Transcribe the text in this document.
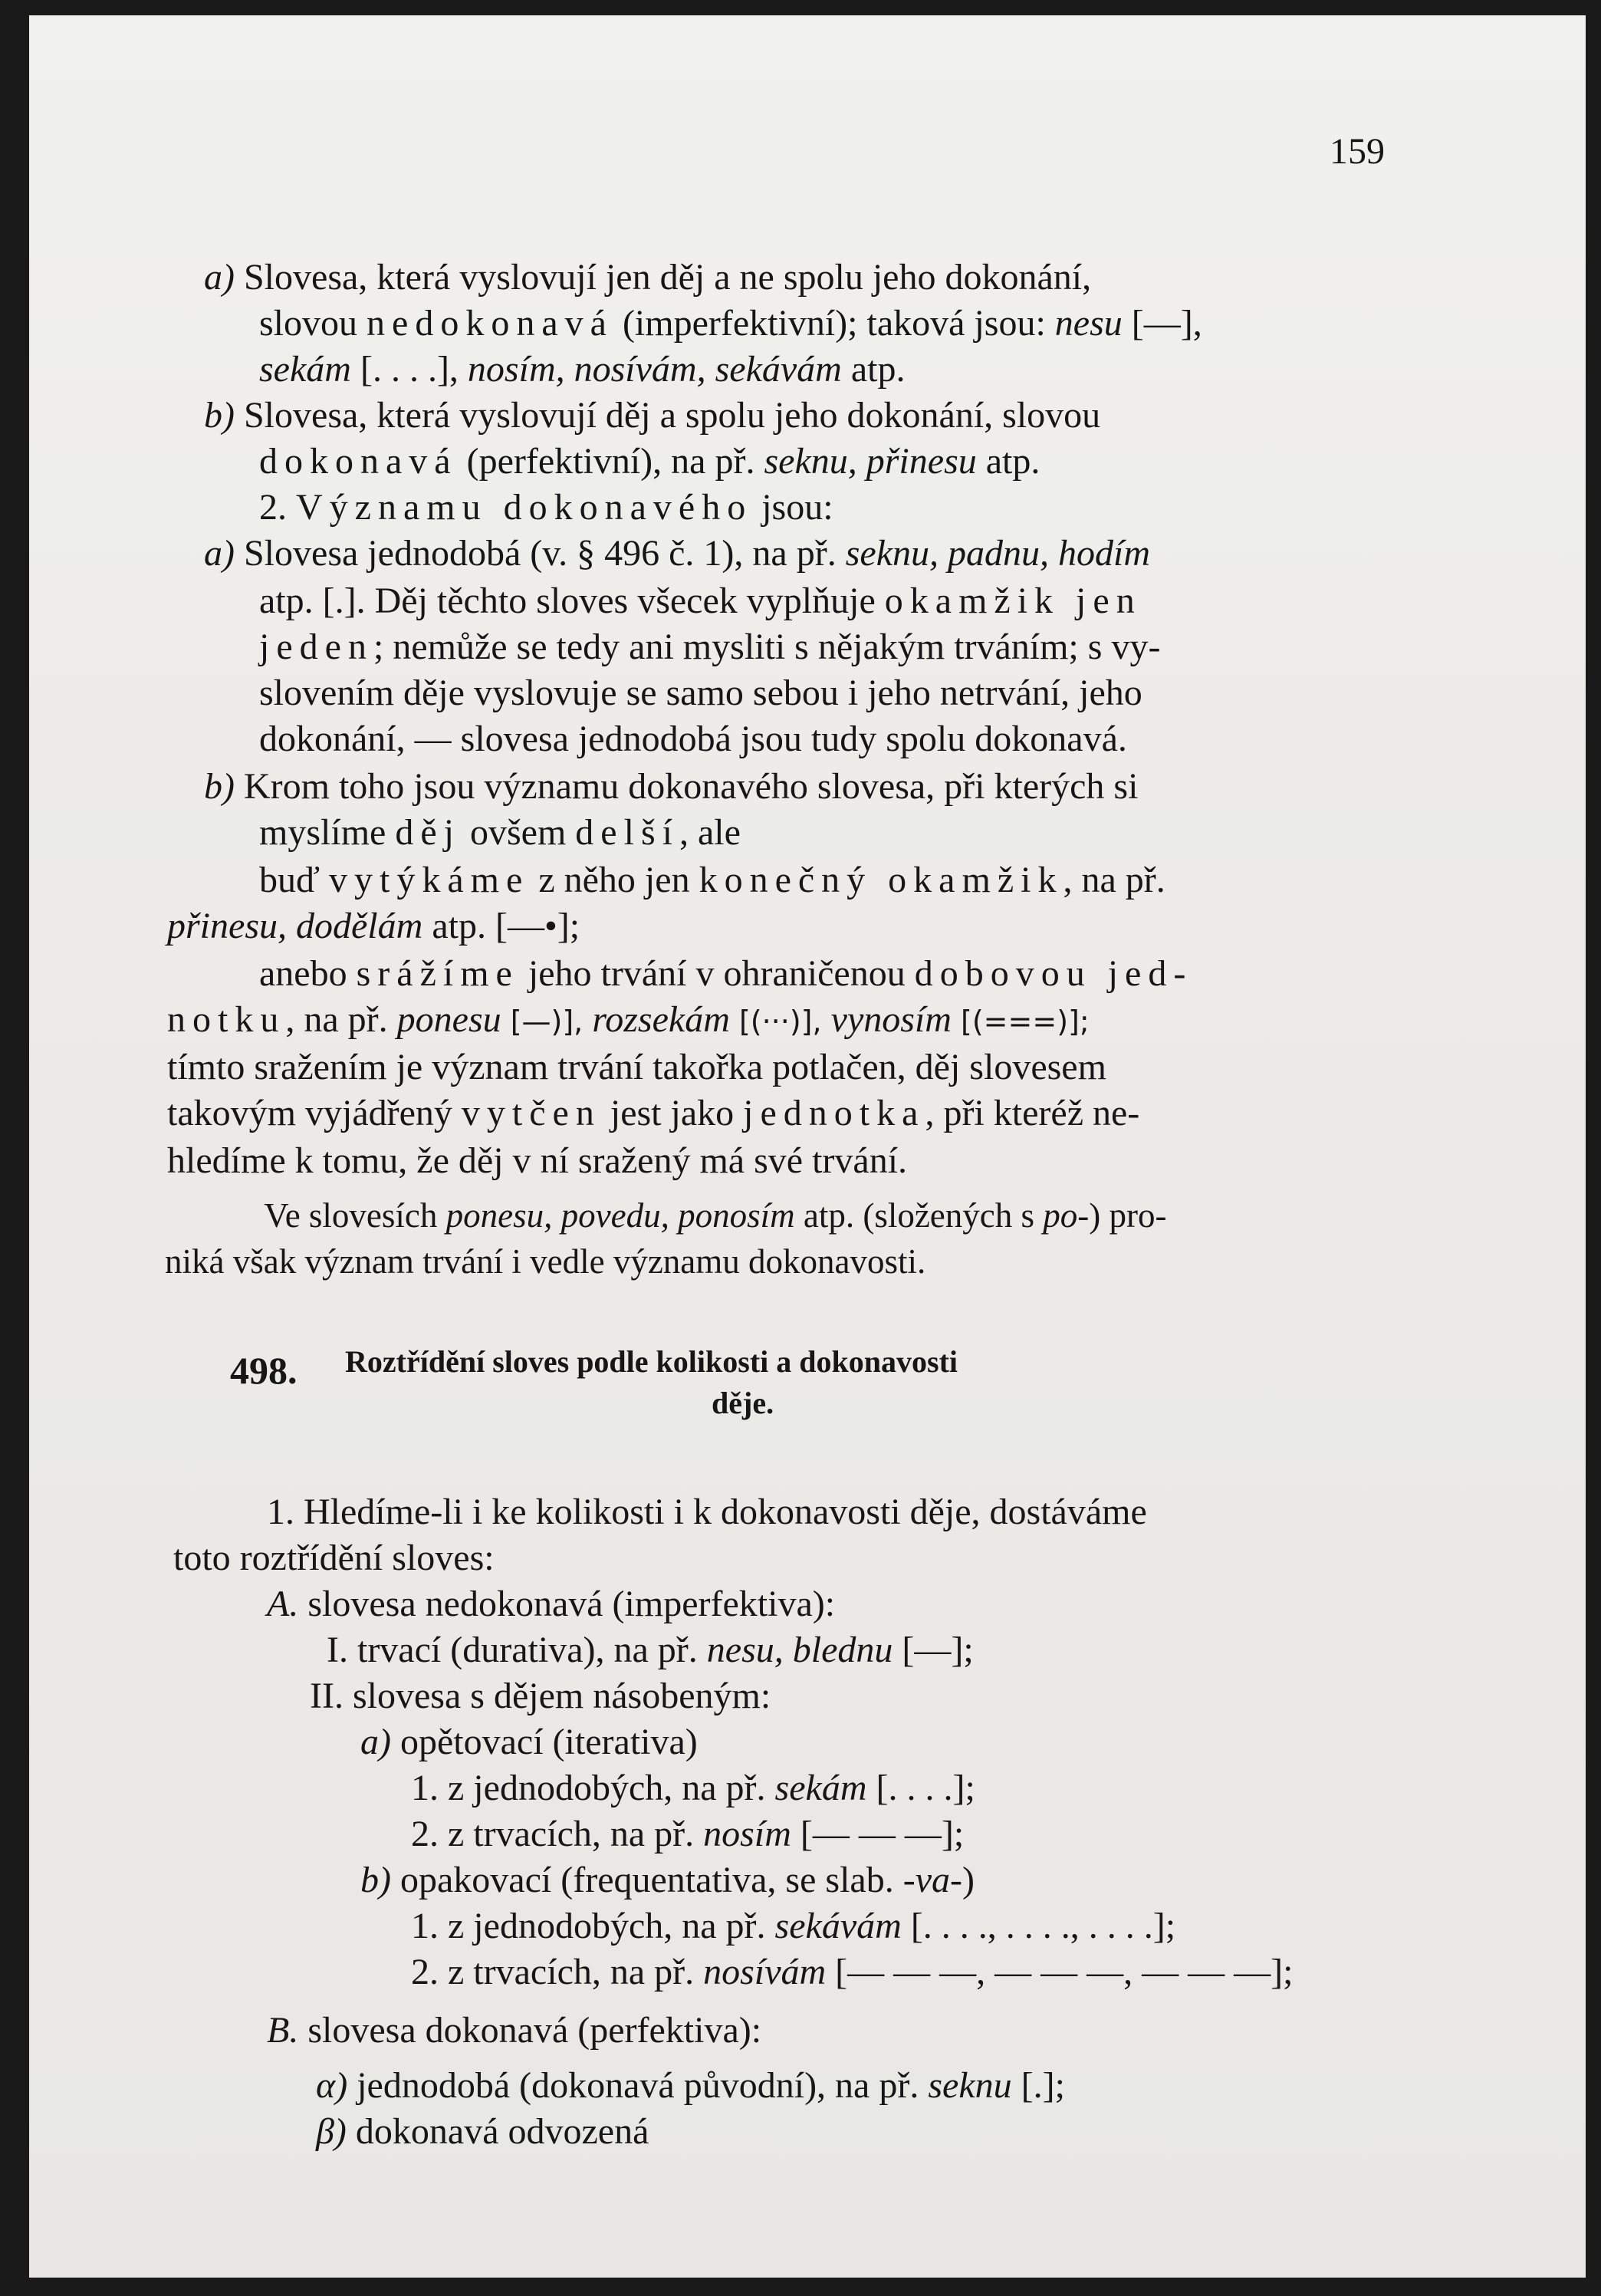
159

a) Slovesa, která vyslovují jen děj a ne spolu jeho dokonání,

slovou nedokonavá (imperfektivní); taková jsou: nesu [—],

sekám [. . . .], nosím, nosívám, sekávám atp.

b) Slovesa, která vyslovují děj a spolu jeho dokonání, slovou

dokonavá (perfektivní), na př. seknu, přinesu atp.

2. Významu dokonavého jsou:

a) Slovesa jednodobá (v. § 496 č. 1), na př. seknu, padnu, hodím

atp. [.]. Děj těchto sloves všecek vyplňuje okamžik jen

jeden; nemůže se tedy ani mysliti s nějakým trváním; s vy-

slovením děje vyslovuje se samo sebou i jeho netrvání, jeho

dokonání, — slovesa jednodobá jsou tudy spolu dokonavá.

b) Krom toho jsou významu dokonavého slovesa, při kterých si

myslíme děj ovšem delší, ale

buď vytýkáme z něho jen konečný okamžik, na př.

přinesu, dodělám atp. [—•];

anebo srážíme jeho trvání v ohraničenou dobovou jed-

notku, na př. ponesu [—)], rozsekám [(···)], vynosím [(===)];

tímto sražením je význam trvání takořka potlačen, děj slovesem

takovým vyjádřený vytčen jest jako jednotka, při kteréž ne-

hledíme k tomu, že děj v ní sražený má své trvání.

Ve slovesích ponesu, povedu, ponosím atp. (složených s po-) pro-

niká však význam trvání i vedle významu dokonavosti.

498. Roztřídění sloves podle kolikosti a dokonavosti
děje.

1. Hledíme-li i ke kolikosti i k dokonavosti děje, dostáváme

toto roztřídění sloves:

A. slovesa nedokonavá (imperfektiva):

I. trvací (durativa), na př. nesu, blednu [—];

II. slovesa s dějem násobeným:

a) opětovací (iterativa)

1. z jednodobých, na př. sekám [. . . .];

2. z trvacích, na př. nosím [— — —];

b) opakovací (frequentativa, se slab. -va-)

1. z jednodobých, na př. sekávám [. . . ., . . . ., . . . .];

2. z trvacích, na př. nosívám [— — —, — — —, — — —];

B. slovesa dokonavá (perfektiva):

α) jednodobá (dokonavá původní), na př. seknu [.];

β) dokonavá odvozená
